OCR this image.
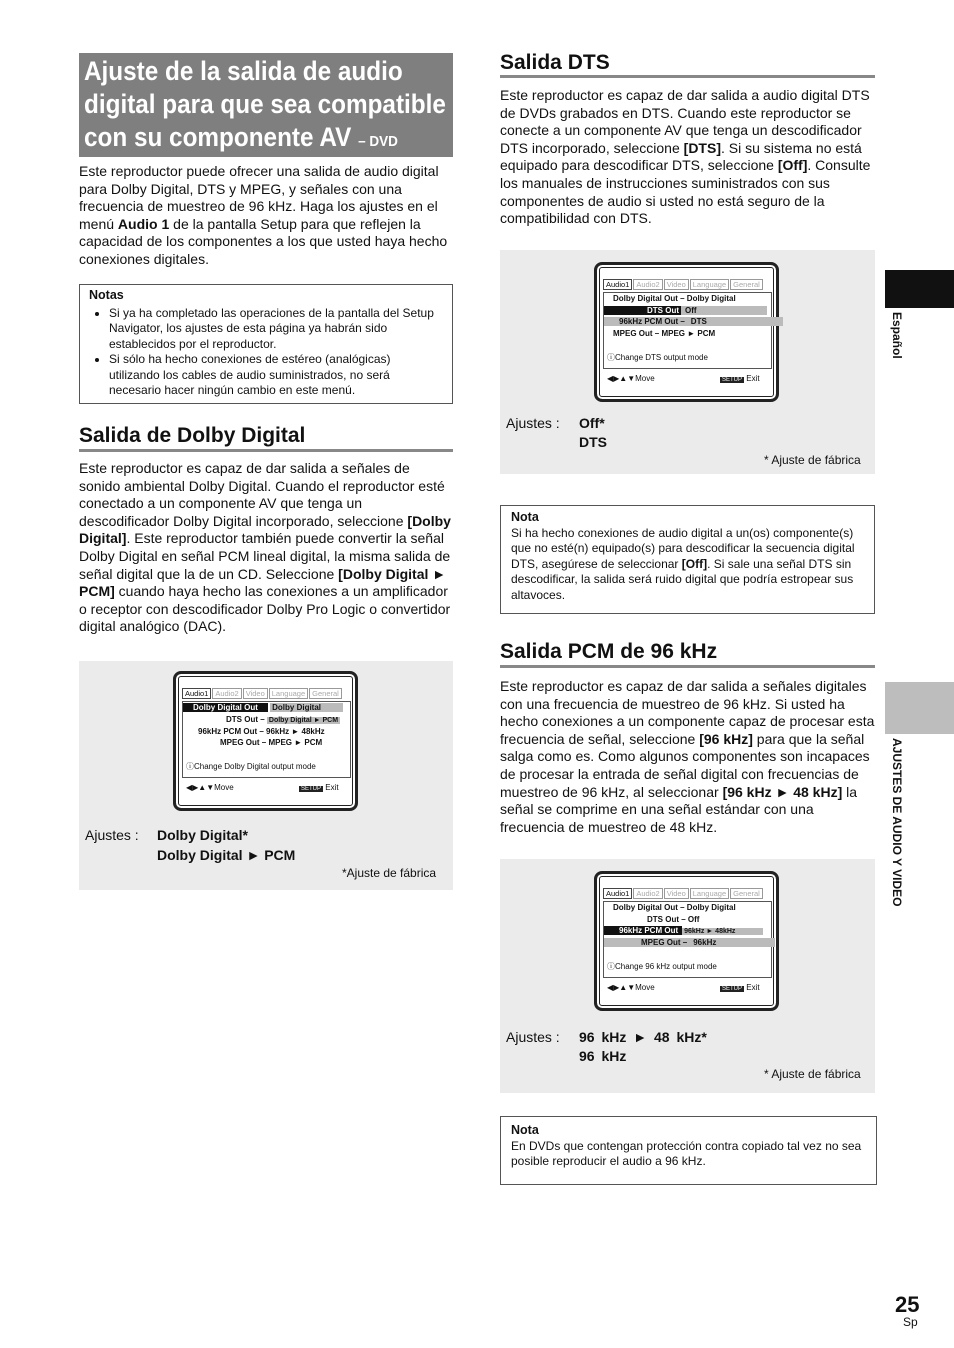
Ajuste de la salida de audio digital para que sea compatible con su componente AV – DVD
Este reproductor puede ofrecer una salida de audio digital para Dolby Digital, DTS y MPEG, y señales con una frecuencia de muestreo de 96 kHz. Haga los ajustes en el menú Audio 1 de la pantalla Setup para que reflejen la capacidad de los componentes a los que usted haya hecho conexiones digitales.
Notas
• Si ya ha completado las operaciones de la pantalla del Setup Navigator, los ajustes de esta página ya habrán sido establecidos por el reproductor.
• Si sólo ha hecho conexiones de estéreo (analógicas) utilizando los cables de audio suministrados, no será necesario hacer ningún cambio en este menú.
Salida de Dolby Digital
Este reproductor es capaz de dar salida a señales de sonido ambiental Dolby Digital. Cuando el reproductor esté conectado a un componente AV que tenga un descodificador Dolby Digital incorporado, seleccione [Dolby Digital]. Este reproductor también puede convertir la señal Dolby Digital en señal PCM lineal digital, la misma salida de señal digital que la de un CD. Seleccione [Dolby Digital ► PCM] cuando haya hecho las conexiones a un amplificador o receptor con descodificador Dolby Pro Logic o convertidor digital analógico (DAC).
Audio1 Audio2 Video Language General
Dolby Digital Out Dolby Digital
DTS Out – Dolby Digital ► PCM
96kHz PCM Out – 96kHz ► 48kHz
MPEG Out – MPEG ► PCM
ⓘChange Dolby Digital output mode
◀▶▲▼Move	SETUP Exit
Ajustes : Dolby Digital*
Dolby Digital ► PCM
*Ajuste de fábrica
Salida DTS
Este reproductor es capaz de dar salida a audio digital DTS de DVDs grabados en DTS. Cuando este reproductor se conecte a un componente AV que tenga un descodificador DTS incorporado, seleccione [DTS]. Si su sistema no está equipado para descodificar DTS, seleccione [Off]. Consulte los manuales de instrucciones suministrados con sus componentes de audio si usted no está seguro de la compatibilidad con DTS.
Audio1 Audio2 Video Language General
Dolby Digital Out – Dolby Digital
DTS Out Off
96kHz PCM Out – DTS
MPEG Out – MPEG ► PCM
ⓘChange DTS output mode
◀▶▲▼Move	SETUP Exit
Ajustes : Off*
DTS
* Ajuste de fábrica
Nota
Si ha hecho conexiones de audio digital a un(os) componente(s) que no esté(n) equipado(s) para descodificar la secuencia digital DTS, asegúrese de seleccionar [Off]. Si sale una señal DTS sin descodificar, la salida será ruido digital que podría estropear sus altavoces.
Salida PCM de 96 kHz
Este reproductor es capaz de dar salida a señales digitales con una frecuencia de muestreo de 96 kHz. Si usted ha hecho conexiones a un componente capaz de procesar esta frecuencia de señal, seleccione [96 kHz] para que la señal salga como es. Como algunos componentes son incapaces de procesar la entrada de señal digital con frecuencias de muestreo de 96 kHz, al seleccionar [96 kHz ► 48 kHz] la señal se comprime en una señal estándar con una frecuencia de muestreo de 48 kHz.
Audio1 Audio2 Video Language General
Dolby Digital Out – Dolby Digital
DTS Out – Off
96kHz PCM Out 96kHz ► 48kHz
MPEG Out – 96kHz
ⓘChange 96 kHz output mode
◀▶▲▼Move	SETUP Exit
Ajustes : 96 kHz ► 48 kHz*
96 kHz
* Ajuste de fábrica
Nota
En DVDs que contengan protección contra copiado tal vez no sea posible reproducir el audio a 96 kHz.
Español
AJUSTES DE AUDIO Y VIDEO
25
Sp
